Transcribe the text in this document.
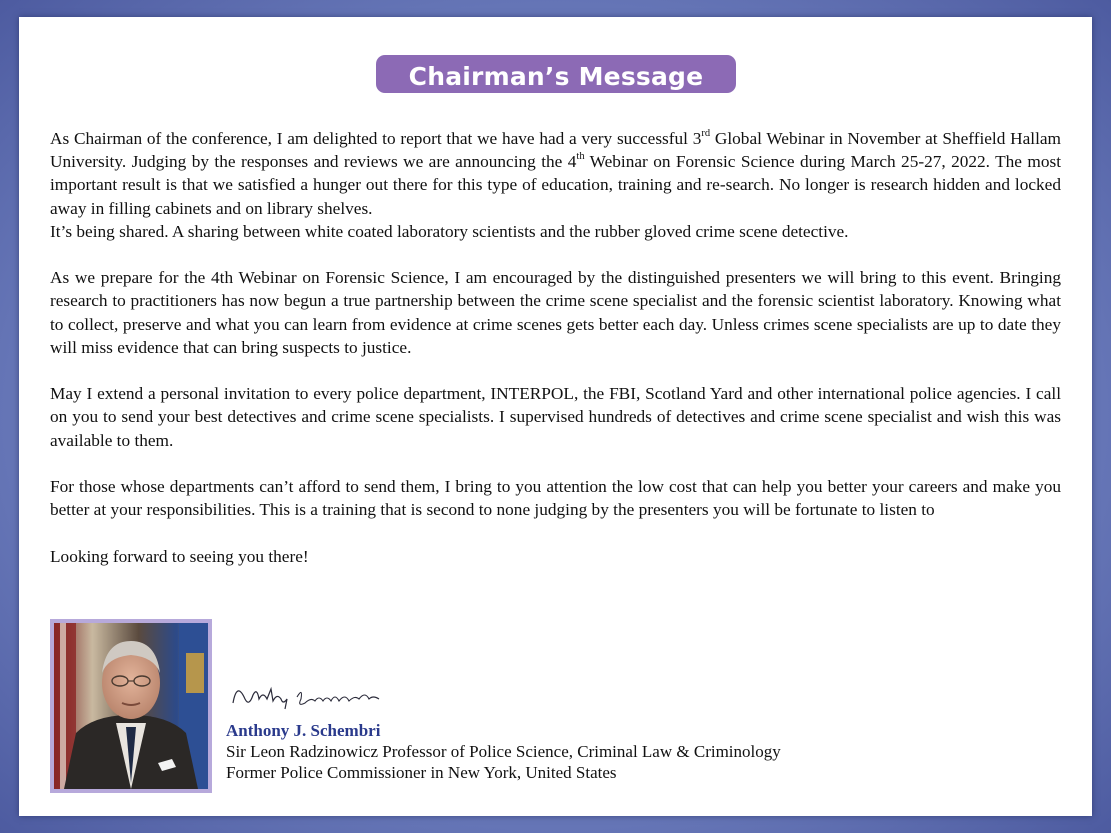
Chairman’s Message

As Chairman of the conference, I am delighted to report that we have had a very successful 3rd Global Webinar in November at Sheffield Hallam University. Judging by the responses and reviews we are announcing the 4th Webinar on Forensic Science during March 25-27, 2022. The most important result is that we satisfied a hunger out there for this type of education, training and re-search. No longer is research hidden and locked away in filling cabinets and on library shelves.
It’s being shared. A sharing between white coated laboratory scientists and the rubber gloved crime scene detective.

As we prepare for the 4th Webinar on Forensic Science, I am encouraged by the distinguished presenters we will bring to this event. Bringing research to practitioners has now begun a true partnership between the crime scene specialist and the forensic scientist laboratory. Knowing what to collect, preserve and what you can learn from evidence at crime scenes gets better each day. Unless crimes scene specialists are up to date they will miss evidence that can bring suspects to justice.

May I extend a personal invitation to every police department, INTERPOL, the FBI, Scotland Yard and other international police agencies. I call on you to send your best detectives and crime scene specialists. I supervised hundreds of detectives and crime scene specialist and wish this was available to them.

For those whose departments can’t afford to send them, I bring to you attention the low cost that can help you better your careers and make you better at your responsibilities. This is a training that is second to none judging by the presenters you will be fortunate to listen to

Looking forward to seeing you there!

Anthony J. Schembri
Sir Leon Radzinowicz Professor of Police Science, Criminal Law & Criminology
Former Police Commissioner in New York, United States
